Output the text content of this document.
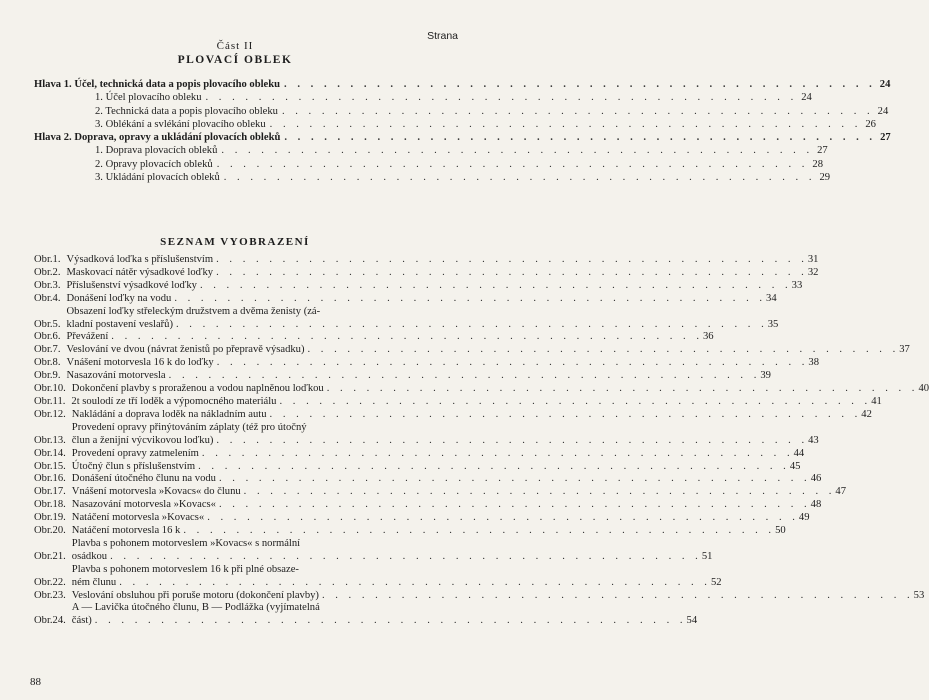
Strana
Část II
PLOVACÍ OBLEK
Hlava 1. Účel, technická data a popis plovacího obleku . . . . . . . . . . . . . . . . . . . . . . . . . . . . . . . . . . . . . . . . . . . . . 24
1. Účel plovacího obleku . . . . . . . . . . . . . . . . . . . . . . . . . . . . . . . . . . . . . . . . . . . . . 24
2. Technická data a popis plovacího obleku . . . . . . . . . . . . . . . . . . . . . . . . . . . . . . . . . . . . . . . . . . . . . 24
3. Oblékání a svlékání plovacího obleku . . . . . . . . . . . . . . . . . . . . . . . . . . . . . . . . . . . . . . . . . . . . . 26
Hlava 2. Doprava, opravy a ukládání plovacích obleků . . . . . . . . . . . . . . . . . . . . . . . . . . . . . . . . . . . . . . . . . . . . . 27
1. Doprava plovacích obleků . . . . . . . . . . . . . . . . . . . . . . . . . . . . . . . . . . . . . . . . . . . . . 27
2. Opravy plovacích obleků . . . . . . . . . . . . . . . . . . . . . . . . . . . . . . . . . . . . . . . . . . . . . 28
3. Ukládání plovacích obleků . . . . . . . . . . . . . . . . . . . . . . . . . . . . . . . . . . . . . . . . . . . . . 29
SEZNAM VYOBRAZENÍ
Obr. 1. Výsadková loďka s příslušenstvím . . . . . . . . . . . . . . . . . . . . . . . . . . . . . . . . . . . . . . . . . . . . . 31
Obr. 2. Maskovací nátěr výsadkové loďky . . . . . . . . . . . . . . . . . . . . . . . . . . . . . . . . . . . . . . . . . . . . . 32
Obr. 3. Příslušenství výsadkové loďky . . . . . . . . . . . . . . . . . . . . . . . . . . . . . . . . . . . . . . . . . . . . . 33
Obr. 4. Donášení loďky na vodu . . . . . . . . . . . . . . . . . . . . . . . . . . . . . . . . . . . . . . . . . . . . . 34
Obr. 5.
Obsazení loďky střeleckým družstvem a dvěma ženisty (zá-
kladní postavení veslařů) . . . . . . . . . . . . . . . . . . . . . . . . . . . . . . . . . . . . . . . . . . . . . 35
Obr. 6. Převážení . . . . . . . . . . . . . . . . . . . . . . . . . . . . . . . . . . . . . . . . . . . . . 36
Obr. 7. Veslování ve dvou (návrat ženistů po přepravě výsadku) . . . . . . . . . . . . . . . . . . . . . . . . . . . . . . . . . . . . . . . . . . . . . 37
Obr. 8. Vnášení motorvesla 16 k do loďky . . . . . . . . . . . . . . . . . . . . . . . . . . . . . . . . . . . . . . . . . . . . . 38
Obr. 9. Nasazování motorvesla . . . . . . . . . . . . . . . . . . . . . . . . . . . . . . . . . . . . . . . . . . . . . 39
Obr. 10. Dokončení plavby s proraženou a vodou naplněnou loďkou . . . . . . . . . . . . . . . . . . . . . . . . . . . . . . . . . . . . . . . . . . . . . 40
Obr. 11. 2t soulodí ze tří loděk a výpomocného materiálu . . . . . . . . . . . . . . . . . . . . . . . . . . . . . . . . . . . . . . . . . . . . . 41
Obr. 12. Nakládání a doprava loděk na nákladním autu . . . . . . . . . . . . . . . . . . . . . . . . . . . . . . . . . . . . . . . . . . . . . 42
Obr. 13.
Provedení opravy přinýtováním záplaty (též pro útočný
člun a ženijní výcvikovou loďku) . . . . . . . . . . . . . . . . . . . . . . . . . . . . . . . . . . . . . . . . . . . . . 43
Obr. 14. Provedení opravy zatmelením . . . . . . . . . . . . . . . . . . . . . . . . . . . . . . . . . . . . . . . . . . . . . 44
Obr. 15. Útočný člun s příslušenstvím . . . . . . . . . . . . . . . . . . . . . . . . . . . . . . . . . . . . . . . . . . . . . 45
Obr. 16. Donášení útočného člunu na vodu . . . . . . . . . . . . . . . . . . . . . . . . . . . . . . . . . . . . . . . . . . . . . 46
Obr. 17. Vnášení motorvesla »Kovacs« do člunu . . . . . . . . . . . . . . . . . . . . . . . . . . . . . . . . . . . . . . . . . . . . . 47
Obr. 18. Nasazování motorvesla »Kovacs« . . . . . . . . . . . . . . . . . . . . . . . . . . . . . . . . . . . . . . . . . . . . . 48
Obr. 19. Natáčení motorvesla »Kovacs« . . . . . . . . . . . . . . . . . . . . . . . . . . . . . . . . . . . . . . . . . . . . . 49
Obr. 20. Natáčení motorvesla 16 k . . . . . . . . . . . . . . . . . . . . . . . . . . . . . . . . . . . . . . . . . . . . . 50
Obr. 21.
Plavba s pohonem motorveslem »Kovacs« s normální
osádkou . . . . . . . . . . . . . . . . . . . . . . . . . . . . . . . . . . . . . . . . . . . . . 51
Obr. 22.
Plavba s pohonem motorveslem 16 k při plné obsaze-
ném člunu . . . . . . . . . . . . . . . . . . . . . . . . . . . . . . . . . . . . . . . . . . . . . 52
Obr. 23. Veslování obsluhou při poruše motoru (dokončení plavby) . . . . . . . . . . . . . . . . . . . . . . . . . . . . . . . . . . . . . . . . . . . . . 53
Obr. 24.
A — Lavička útočného člunu, B — Podlážka (vyjímatelná
část) . . . . . . . . . . . . . . . . . . . . . . . . . . . . . . . . . . . . . . . . . . . . . 54
88
